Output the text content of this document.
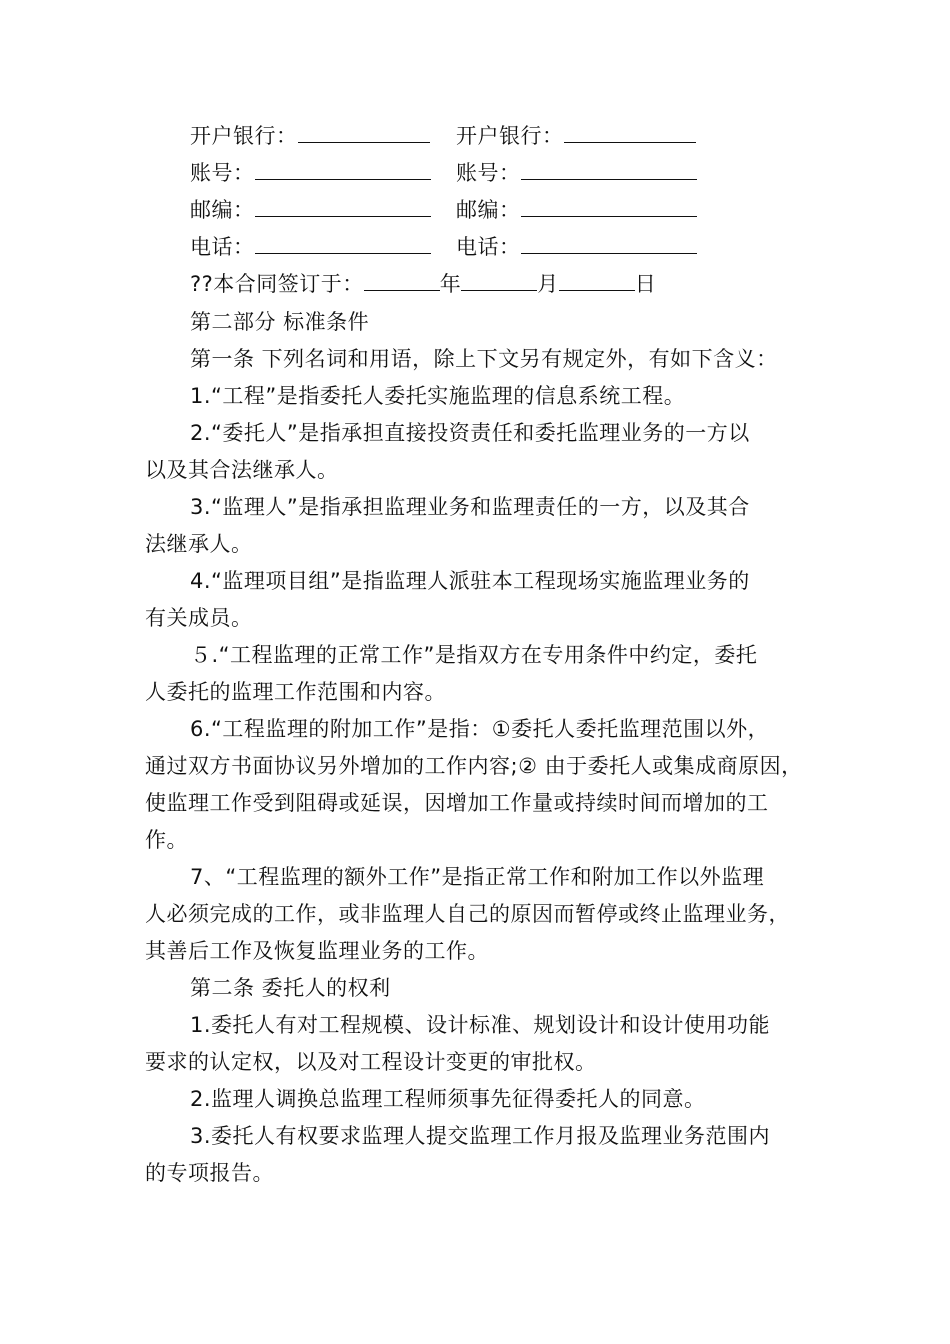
开户银行：	开户银行：
账号：	账号：
邮编：	邮编：
电话：	电话：
??本合同签订于：	年	月	日
第二部分 标准条件
第一条 下列名词和用语，除上下文另有规定外，有如下含义：
1.“工程”是指委托人委托实施监理的信息系统工程。
2.“委托人”是指承担直接投资责任和委托监理业务的一方以
以及其合法继承人。
3.“监理人”是指承担监理业务和监理责任的一方，以及其合
法继承人。
4.“监理项目组”是指监理人派驻本工程现场实施监理业务的
有关成员。
５.“工程监理的正常工作”是指双方在专用条件中约定，委托
人委托的监理工作范围和内容。
6.“工程监理的附加工作”是指：①委托人委托监理范围以外，
通过双方书面协议另外增加的工作内容;② 由于委托人或集成商原因，
使监理工作受到阻碍或延误，因增加工作量或持续时间而增加的工
作。
7、“工程监理的额外工作”是指正常工作和附加工作以外监理
人必须完成的工作，或非监理人自己的原因而暂停或终止监理业务，
其善后工作及恢复监理业务的工作。
第二条 委托人的权利
1.委托人有对工程规模、设计标准、规划设计和设计使用功能
要求的认定权，以及对工程设计变更的审批权。
2.监理人调换总监理工程师须事先征得委托人的同意。
3.委托人有权要求监理人提交监理工作月报及监理业务范围内
的专项报告。
